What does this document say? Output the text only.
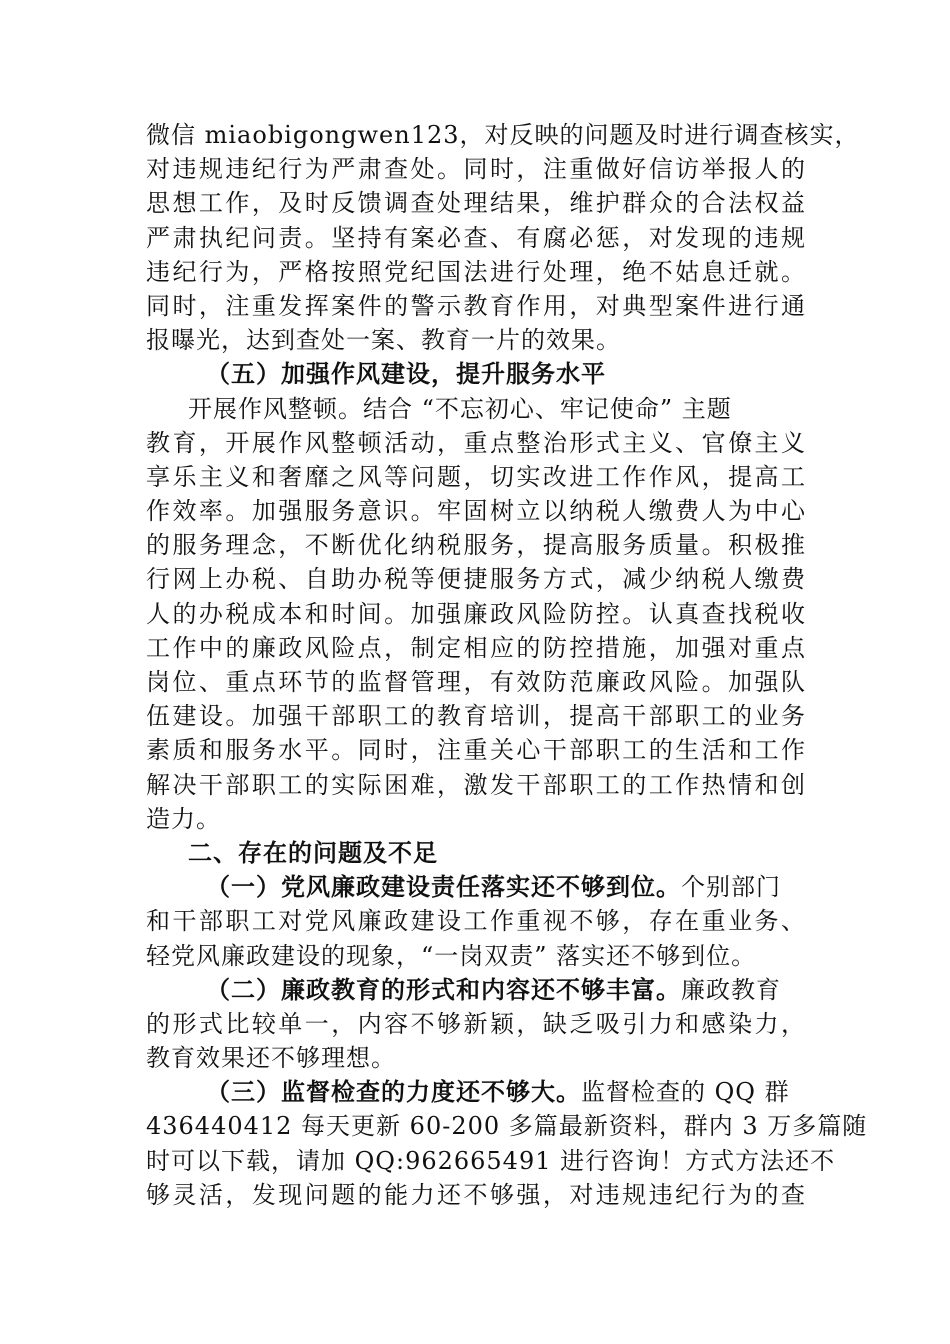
微信 miaobigongwen123，对反映的问题及时进行调查核实，
对违规违纪行为严肃查处。同时，注重做好信访举报人的
思想工作，及时反馈调查处理结果，维护群众的合法权益
严肃执纪问责。坚持有案必查、有腐必惩，对发现的违规
违纪行为，严格按照党纪国法进行处理，绝不姑息迁就。
同时，注重发挥案件的警示教育作用，对典型案件进行通
报曝光，达到查处一案、教育一片的效果。
（五）加强作风建设，提升服务水平
开展作风整顿。结合 “不忘初心、牢记使命” 主题
教育，开展作风整顿活动，重点整治形式主义、官僚主义
享乐主义和奢靡之风等问题，切实改进工作作风，提高工
作效率。加强服务意识。牢固树立以纳税人缴费人为中心
的服务理念，不断优化纳税服务，提高服务质量。积极推
行网上办税、自助办税等便捷服务方式，减少纳税人缴费
人的办税成本和时间。加强廉政风险防控。认真查找税收
工作中的廉政风险点，制定相应的防控措施，加强对重点
岗位、重点环节的监督管理，有效防范廉政风险。加强队
伍建设。加强干部职工的教育培训，提高干部职工的业务
素质和服务水平。同时，注重关心干部职工的生活和工作
解决干部职工的实际困难，激发干部职工的工作热情和创
造力。
二、存在的问题及不足
（一）党风廉政建设责任落实还不够到位。个别部门
和干部职工对党风廉政建设工作重视不够，存在重业务、
轻党风廉政建设的现象，“一岗双责” 落实还不够到位。
（二）廉政教育的形式和内容还不够丰富。廉政教育
的形式比较单一，内容不够新颖，缺乏吸引力和感染力，
教育效果还不够理想。
（三）监督检查的力度还不够大。监督检查的 QQ 群
436440412 每天更新 60-200 多篇最新资料，群内 3 万多篇随
时可以下载，请加 QQ:962665491 进行咨询！方式方法还不
够灵活，发现问题的能力还不够强，对违规违纪行为的查
